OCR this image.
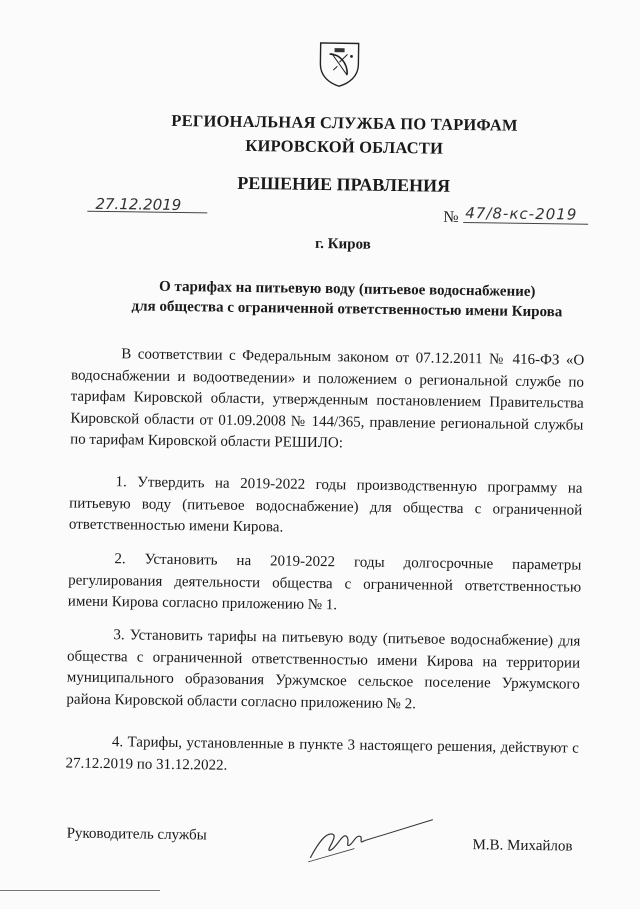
РЕГИОНАЛЬНАЯ СЛУЖБА ПО ТАРИФАМ
КИРОВСКОЙ ОБЛАСТИ
РЕШЕНИЕ ПРАВЛЕНИЯ
27.12.2019
№ 47/8-кс-2019
г. Киров
О тарифах на питьевую воду (питьевое водоснабжение)
для общества с ограниченной ответственностью имени Кирова

В соответствии с Федеральным законом от 07.12.2011 № 416-ФЗ «О водоснабжении и водоотведении» и положением о региональной службе по тарифам Кировской области, утвержденным постановлением Правительства Кировской области от 01.09.2008 № 144/365, правление региональной службы по тарифам Кировской области РЕШИЛО:

1. Утвердить на 2019-2022 годы производственную программу на питьевую воду (питьевое водоснабжение) для общества с ограниченной ответственностью имени Кирова.

2. Установить на 2019-2022 годы долгосрочные параметры регулирования деятельности общества с ограниченной ответственностью имени Кирова согласно приложению № 1.

3. Установить тарифы на питьевую воду (питьевое водоснабжение) для общества с ограниченной ответственностью имени Кирова на территории муниципального образования Уржумское сельское поселение Уржумского района Кировской области согласно приложению № 2.

4. Тарифы, установленные в пункте 3 настоящего решения, действуют с 27.12.2019 по 31.12.2022.

Руководитель службы
М.В. Михайлов
